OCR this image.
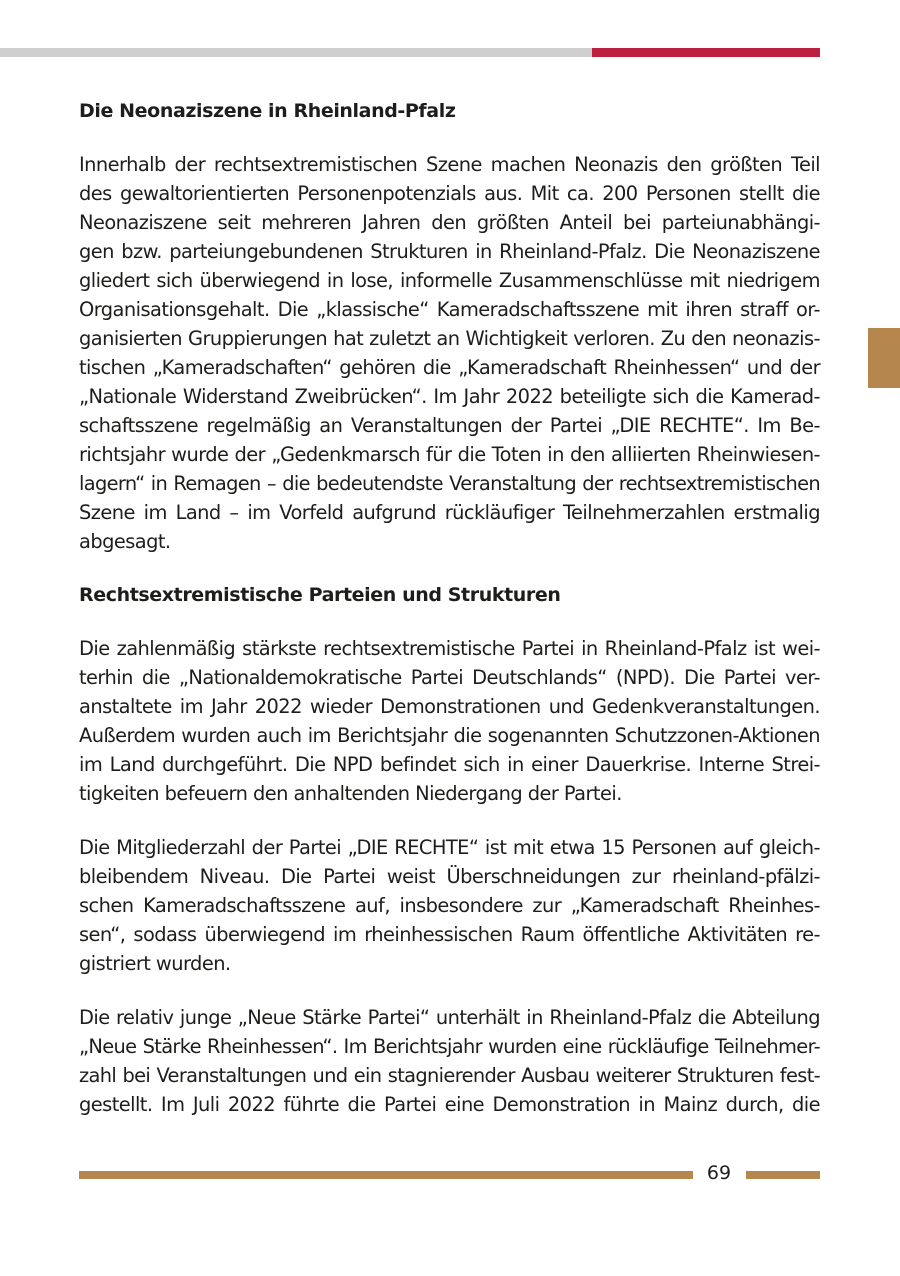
Die Neonaziszene in Rheinland-Pfalz
Innerhalb der rechtsextremistischen Szene machen Neonazis den größten Teil
des gewaltorientierten Personenpotenzials aus. Mit ca. 200 Personen stellt die
Neonaziszene seit mehreren Jahren den größten Anteil bei parteiunabhängi-
gen bzw. parteiungebundenen Strukturen in Rheinland-Pfalz. Die Neonaziszene
gliedert sich überwiegend in lose, informelle Zusammenschlüsse mit niedrigem
Organisationsgehalt. Die „klassische“ Kameradschaftsszene mit ihren straff or-
ganisierten Gruppierungen hat zuletzt an Wichtigkeit verloren. Zu den neonazis-
tischen „Kameradschaften“ gehören die „Kameradschaft Rheinhessen“ und der
„Nationale Widerstand Zweibrücken“. Im Jahr 2022 beteiligte sich die Kamerad-
schaftsszene regelmäßig an Veranstaltungen der Partei „DIE RECHTE“. Im Be-
richtsjahr wurde der „Gedenkmarsch für die Toten in den alliierten Rheinwiesen-
lagern“ in Remagen – die bedeutendste Veranstaltung der rechtsextremistischen
Szene im Land – im Vorfeld aufgrund rückläufiger Teilnehmerzahlen erstmalig
abgesagt.
Rechtsextremistische Parteien und Strukturen
Die zahlenmäßig stärkste rechtsextremistische Partei in Rheinland-Pfalz ist wei-
terhin die „Nationaldemokratische Partei Deutschlands“ (NPD). Die Partei ver-
anstaltete im Jahr 2022 wieder Demonstrationen und Gedenkveranstaltungen.
Außerdem wurden auch im Berichtsjahr die sogenannten Schutzzonen-Aktionen
im Land durchgeführt. Die NPD befindet sich in einer Dauerkrise. Interne Strei-
tigkeiten befeuern den anhaltenden Niedergang der Partei.
Die Mitgliederzahl der Partei „DIE RECHTE“ ist mit etwa 15 Personen auf gleich-
bleibendem Niveau. Die Partei weist Überschneidungen zur rheinland-pfälzi-
schen Kameradschaftsszene auf, insbesondere zur „Kameradschaft Rheinhes-
sen“, sodass überwiegend im rheinhessischen Raum öffentliche Aktivitäten re-
gistriert wurden.
Die relativ junge „Neue Stärke Partei“ unterhält in Rheinland-Pfalz die Abteilung
„Neue Stärke Rheinhessen“. Im Berichtsjahr wurden eine rückläufige Teilnehmer-
zahl bei Veranstaltungen und ein stagnierender Ausbau weiterer Strukturen fest-
gestellt. Im Juli 2022 führte die Partei eine Demonstration in Mainz durch, die
69
